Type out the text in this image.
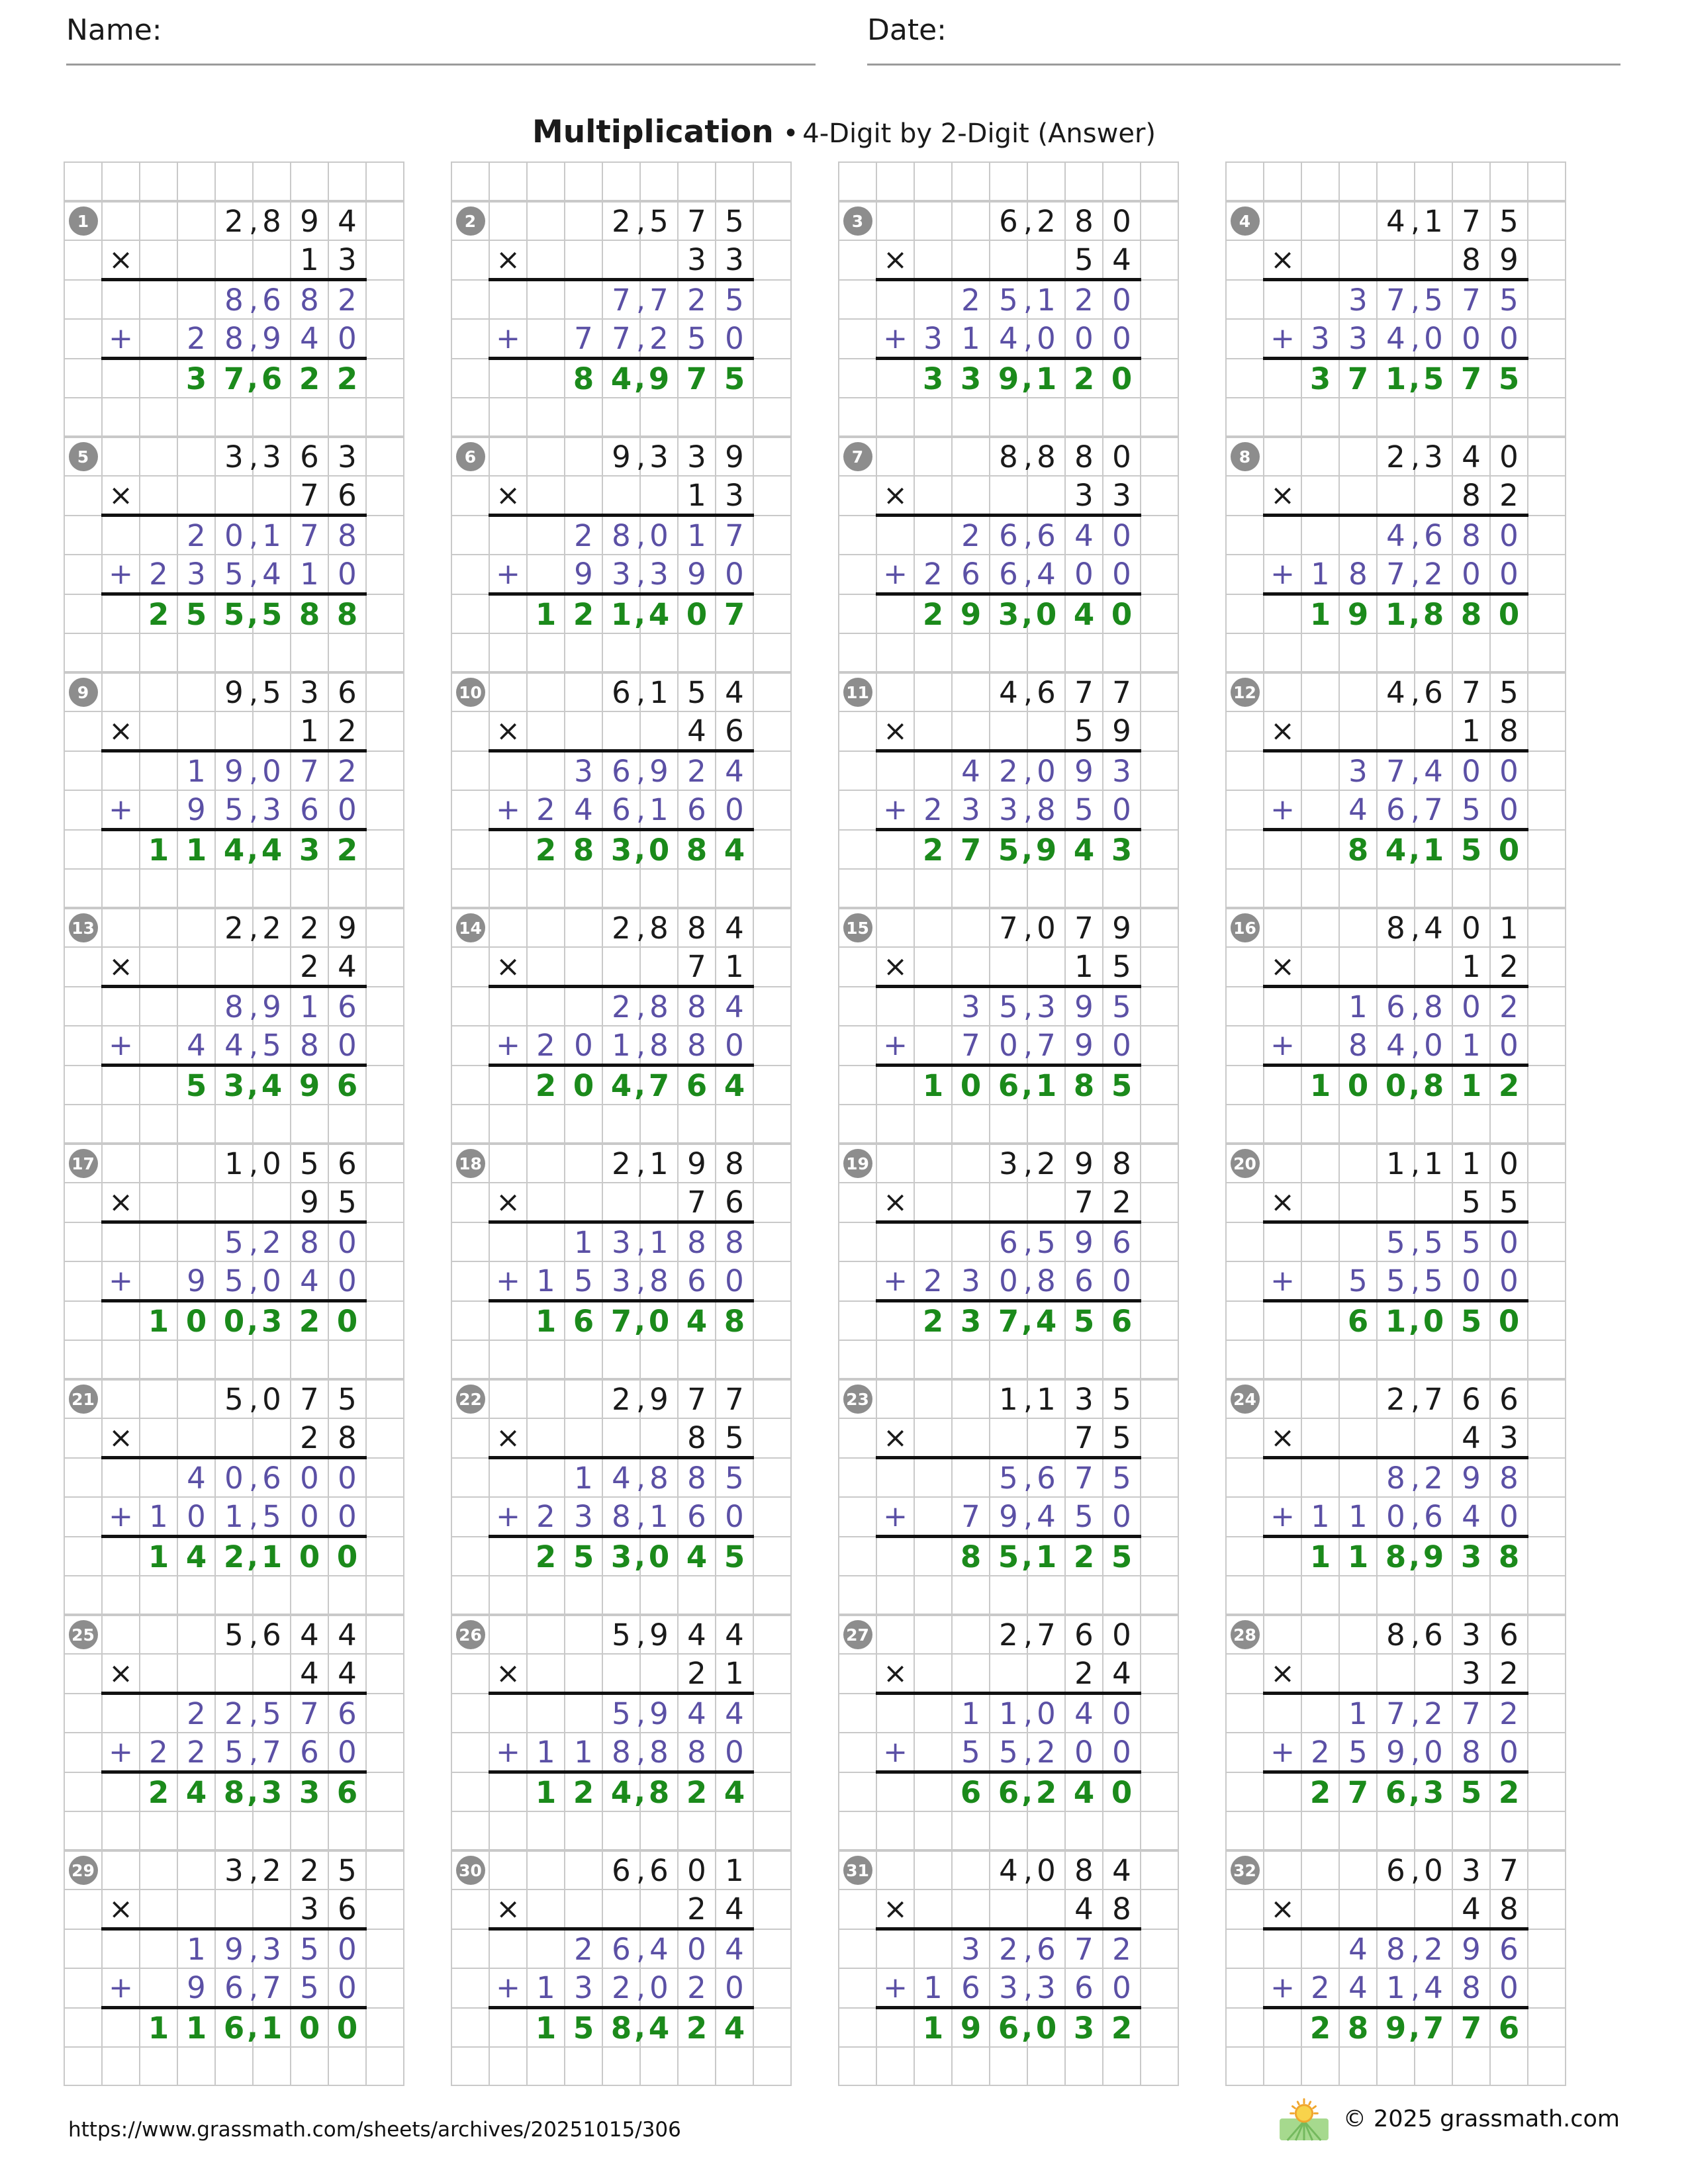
Name:	Date:
Multiplication • 4-Digit by 2-Digit (Answer)

1				2 ,	8	9	4	
	×					1	3	
				8 ,	6	8	2	
	+		2	8 ,	9	4	0	
			3	7 ,	6	2	2	

2				2 ,	5	7	5	
	×					3	3	
				7 ,	7	2	5	
	+		7	7 ,	2	5	0	
			8	4 ,	9	7	5	

3				6 ,	2	8	0	
	×					5	4	
			2	5 ,	1	2	0	
	+	3	1	4 ,	0	0	0	
		3	3	9 ,	1	2	0	

4				4 ,	1	7	5	
	×					8	9	
			3	7 ,	5	7	5	
	+	3	3	4 ,	0	0	0	
		3	7	1 ,	5	7	5	

5				3 ,	3	6	3	
	×					7	6	
			2	0 ,	1	7	8	
	+	2	3	5 ,	4	1	0	
		2	5	5 ,	5	8	8	

6				9 ,	3	3	9	
	×					1	3	
			2	8 ,	0	1	7	
	+		9	3 ,	3	9	0	
		1	2	1 ,	4	0	7	

7				8 ,	8	8	0	
	×					3	3	
			2	6 ,	6	4	0	
	+	2	6	6 ,	4	0	0	
		2	9	3 ,	0	4	0	

8				2 ,	3	4	0	
	×					8	2	
				4 ,	6	8	0	
	+	1	8	7 ,	2	0	0	
		1	9	1 ,	8	8	0	

9				9 ,	5	3	6	
	×					1	2	
			1	9 ,	0	7	2	
	+		9	5 ,	3	6	0	
		1	1	4 ,	4	3	2	

10				6 ,	1	5	4	
	×					4	6	
			3	6 ,	9	2	4	
	+	2	4	6 ,	1	6	0	
		2	8	3 ,	0	8	4	

11				4 ,	6	7	7	
	×					5	9	
			4	2 ,	0	9	3	
	+	2	3	3 ,	8	5	0	
		2	7	5 ,	9	4	3	

12				4 ,	6	7	5	
	×					1	8	
			3	7 ,	4	0	0	
	+		4	6 ,	7	5	0	
			8	4 ,	1	5	0	

13				2 ,	2	2	9	
	×					2	4	
				8 ,	9	1	6	
	+		4	4 ,	5	8	0	
			5	3 ,	4	9	6	

14				2 ,	8	8	4	
	×					7	1	
				2 ,	8	8	4	
	+	2	0	1 ,	8	8	0	
		2	0	4 ,	7	6	4	

15				7 ,	0	7	9	
	×					1	5	
			3	5 ,	3	9	5	
	+		7	0 ,	7	9	0	
		1	0	6 ,	1	8	5	

16				8 ,	4	0	1	
	×					1	2	
			1	6 ,	8	0	2	
	+		8	4 ,	0	1	0	
		1	0	0 ,	8	1	2	

17				1 ,	0	5	6	
	×					9	5	
				5 ,	2	8	0	
	+		9	5 ,	0	4	0	
		1	0	0 ,	3	2	0	

18				2 ,	1	9	8	
	×					7	6	
			1	3 ,	1	8	8	
	+	1	5	3 ,	8	6	0	
		1	6	7 ,	0	4	8	

19				3 ,	2	9	8	
	×					7	2	
				6 ,	5	9	6	
	+	2	3	0 ,	8	6	0	
		2	3	7 ,	4	5	6	

20				1 ,	1	1	0	
	×					5	5	
				5 ,	5	5	0	
	+		5	5 ,	5	0	0	
			6	1 ,	0	5	0	

21				5 ,	0	7	5	
	×					2	8	
			4	0 ,	6	0	0	
	+	1	0	1 ,	5	0	0	
		1	4	2 ,	1	0	0	

22				2 ,	9	7	7	
	×					8	5	
			1	4 ,	8	8	5	
	+	2	3	8 ,	1	6	0	
		2	5	3 ,	0	4	5	

23				1 ,	1	3	5	
	×					7	5	
				5 ,	6	7	5	
	+		7	9 ,	4	5	0	
			8	5 ,	1	2	5	

24				2 ,	7	6	6	
	×					4	3	
				8 ,	2	9	8	
	+	1	1	0 ,	6	4	0	
		1	1	8 ,	9	3	8	

25				5 ,	6	4	4	
	×					4	4	
			2	2 ,	5	7	6	
	+	2	2	5 ,	7	6	0	
		2	4	8 ,	3	3	6	

26				5 ,	9	4	4	
	×					2	1	
				5 ,	9	4	4	
	+	1	1	8 ,	8	8	0	
		1	2	4 ,	8	2	4	

27				2 ,	7	6	0	
	×					2	4	
			1	1 ,	0	4	0	
	+		5	5 ,	2	0	0	
			6	6 ,	2	4	0	

28				8 ,	6	3	6	
	×					3	2	
			1	7 ,	2	7	2	
	+	2	5	9 ,	0	8	0	
		2	7	6 ,	3	5	2	

29				3 ,	2	2	5	
	×					3	6	
			1	9 ,	3	5	0	
	+		9	6 ,	7	5	0	
		1	1	6 ,	1	0	0	

30				6 ,	6	0	1	
	×					2	4	
			2	6 ,	4	0	4	
	+	1	3	2 ,	0	2	0	
		1	5	8 ,	4	2	4	

31				4 ,	0	8	4	
	×					4	8	
			3	2 ,	6	7	2	
	+	1	6	3 ,	3	6	0	
		1	9	6 ,	0	3	2	

32				6 ,	0	3	7	
	×					4	8	
			4	8 ,	2	9	6	
	+	2	4	1 ,	4	8	0	
		2	8	9 ,	7	7	6	

https://www.grassmath.com/sheets/archives/20251015/306	© 2025 grassmath.com
